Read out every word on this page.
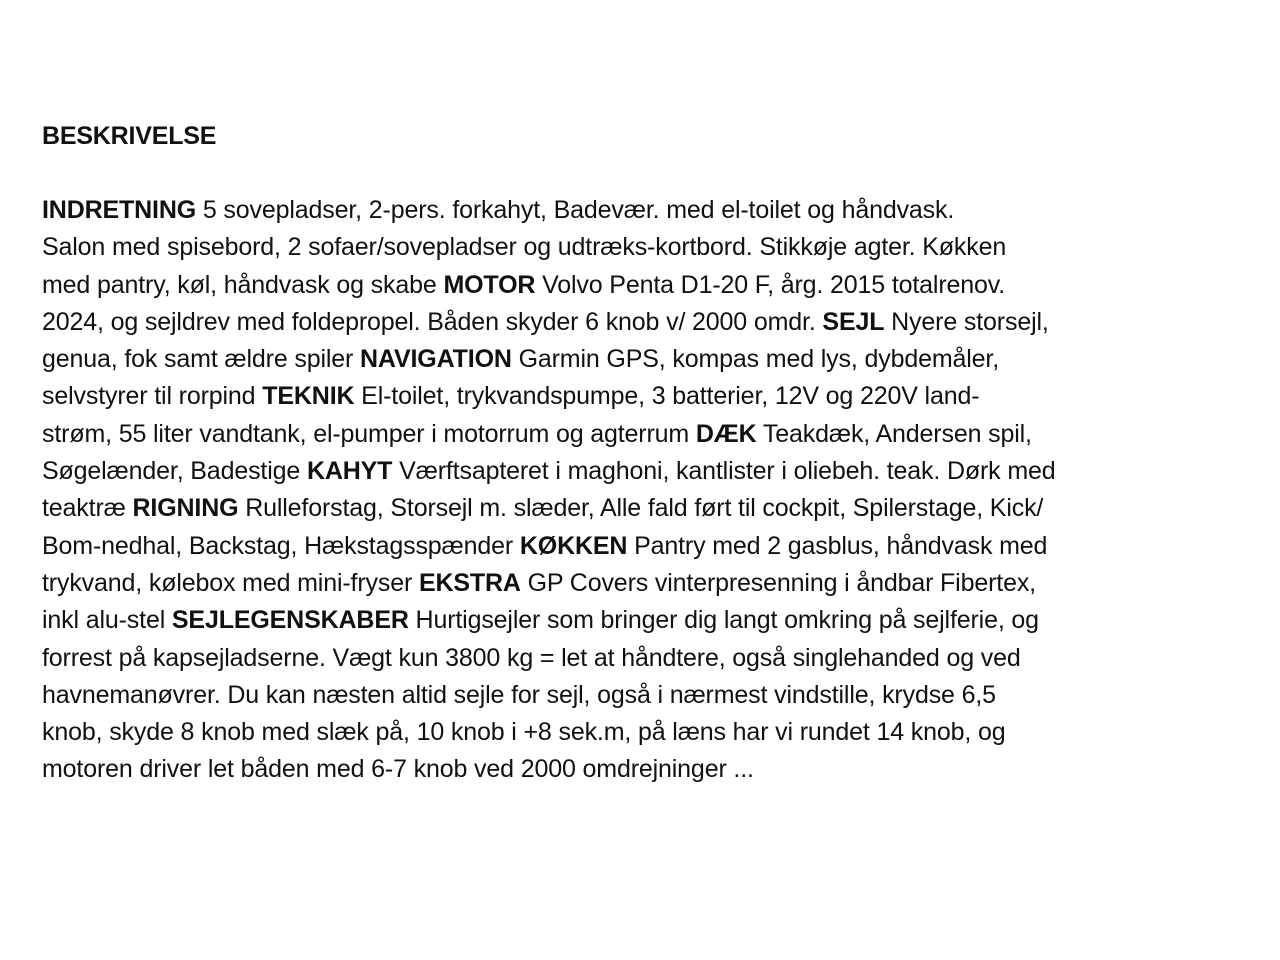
BESKRIVELSE
INDRETNING 5 sovepladser, 2-pers. forkahyt, Badevær. med el-toilet og håndvask.
Salon med spisebord, 2 sofaer/sovepladser og udtræks-kortbord. Stikkøje agter. Køkken
med pantry, køl, håndvask og skabe MOTOR Volvo Penta D1-20 F, årg. 2015 totalrenov.
2024, og sejldrev med foldepropel. Båden skyder 6 knob v/ 2000 omdr. SEJL Nyere storsejl,
genua, fok samt ældre spiler NAVIGATION Garmin GPS, kompas med lys, dybdemåler,
selvstyrer til rorpind TEKNIK El-toilet, trykvandspumpe, 3 batterier, 12V og 220V land-
strøm, 55 liter vandtank, el-pumper i motorrum og agterrum DÆK Teakdæk, Andersen spil,
Søgelænder, Badestige KAHYT Værftsapteret i maghoni, kantlister i oliebeh. teak. Dørk med
teaktræ RIGNING Rulleforstag, Storsejl m. slæder, Alle fald ført til cockpit, Spilerstage, Kick/
Bom-nedhal, Backstag, Hækstagsspænder KØKKEN Pantry med 2 gasblus, håndvask med
trykvand, kølebox med mini-fryser EKSTRA GP Covers vinterpresenning i åndbar Fibertex,
inkl alu-stel SEJLEGENSKABER Hurtigsejler som bringer dig langt omkring på sejlferie, og
forrest på kapsejladserne. Vægt kun 3800 kg = let at håndtere, også singlehanded og ved
havnemanøvrer. Du kan næsten altid sejle for sejl, også i nærmest vindstille, krydse 6,5
knob, skyde 8 knob med slæk på, 10 knob i +8 sek.m, på læns har vi rundet 14 knob, og
motoren driver let båden med 6-7 knob ved 2000 omdrejninger ...
